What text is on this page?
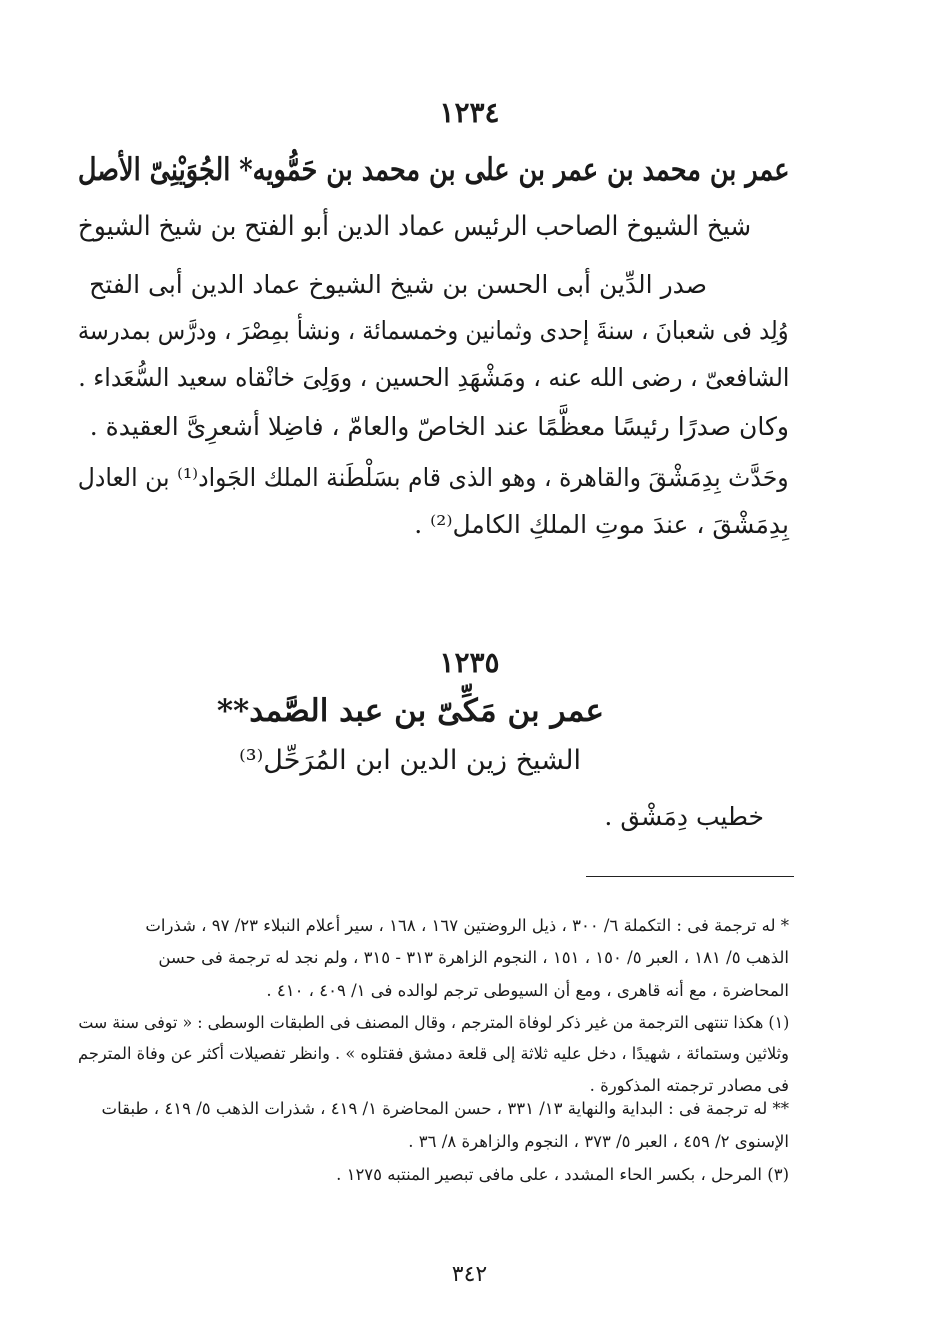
١٢٣٤
عمر بن محمد بن عمر بن على بن محمد بن حَمُّويه* الجُوَيْنِىّ الأصل
شيخ الشيوخ الصاحب الرئيس عماد الدين أبو الفتح بن شيخ الشيوخ
صدر الدِّين أبى الحسن بن شيخ الشيوخ عماد الدين أبى الفتح
وُلِد فى شعبانَ ، سنةَ إحدى وثمانين وخمسمائة ، ونشأ بمِصْرَ ، ودرَّس بمدرسة
الشافعىّ ، رضى الله عنه ، ومَشْهَدِ الحسين ، ووَلِىَ خانْقاه سعيد السُّعَداء .
وكان صدرًا رئيسًا معظَّمًا عند الخاصّ والعامّ ، فاضِلا أشعرِىَّ العقيدة .
وحَدَّث بِدِمَشْقَ والقاهرة ، وهو الذى قام بسَلْطَنة الملك الجَواد⁽¹⁾ بن العادل
بِدِمَشْقَ ، عندَ موتِ الملكِ الكامل⁽²⁾ .
١٢٣٥
عمر بن مَكِّىّ بن عبد الصَّمد**
الشيخ زين الدين ابن المُرَحِّل⁽³⁾
خطيب دِمَشْق .
* له ترجمة فى : التكملة ٦/ ٣٠٠ ، ذيل الروضتين ١٦٧ ، ١٦٨ ، سير أعلام النبلاء ٢٣/ ٩٧ ، شذرات
الذهب ٥/ ١٨١ ، العبر ٥/ ١٥٠ ، ١٥١ ، النجوم الزاهرة ٣١٣ - ٣١٥ ، ولم نجد له ترجمة فى حسن
المحاضرة ، مع أنه قاهرى ، ومع أن السيوطى ترجم لوالده فى ١/ ٤٠٩ ، ٤١٠ .
(١) هكذا تنتهى الترجمة من غير ذكر لوفاة المترجم ، وقال المصنف فى الطبقات الوسطى : « توفى سنة ست
وثلاثين وستمائة ، شهيدًا ، دخل عليه ثلاثة إلى قلعة دمشق فقتلوه » . وانظر تفصيلات أكثر عن وفاة المترجم
فى مصادر ترجمته المذكورة .
** له ترجمة فى : البداية والنهاية ١٣/ ٣٣١ ، حسن المحاضرة ١/ ٤١٩ ، شذرات الذهب ٥/ ٤١٩ ، طبقات
الإسنوى ٢/ ٤٥٩ ، العبر ٥/ ٣٧٣ ، النجوم والزاهرة ٨/ ٣٦ .
(٣) المرحل ، بكسر الحاء المشدد ، على مافى تبصير المنتبه ١٢٧٥ .
٣٤٢
